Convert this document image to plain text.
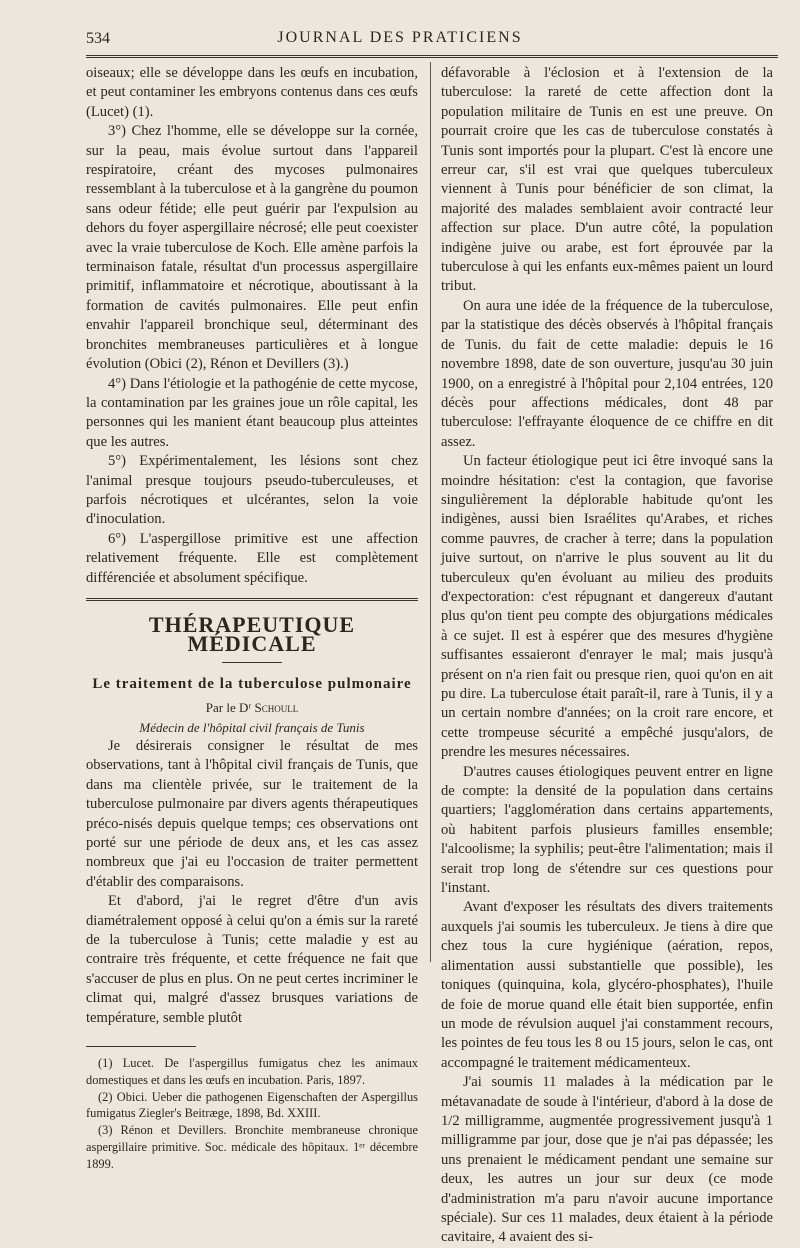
534	JOURNAL DES PRATICIENS

oiseaux; elle se développe dans les œufs en incubation, et peut contaminer les embryons contenus dans ces œufs (Lucet) (1).

3°) Chez l'homme, elle se développe sur la cornée, sur la peau, mais évolue surtout dans l'appareil respiratoire, créant des mycoses pulmonaires ressemblant à la tuberculose et à la gangrène du poumon sans odeur fétide; elle peut guérir par l'expulsion au dehors du foyer aspergillaire nécrosé; elle peut coexister avec la vraie tuberculose de Koch. Elle amène parfois la terminaison fatale, résultat d'un processus aspergillaire primitif, inflammatoire et nécrotique, aboutissant à la formation de cavités pulmonaires. Elle peut enfin envahir l'appareil bronchique seul, déterminant des bronchites membraneuses particulières et à longue évolution (Obici (2), Rénon et Devillers (3).)

4°) Dans l'étiologie et la pathogénie de cette mycose, la contamination par les graines joue un rôle capital, les personnes qui les manient étant beaucoup plus atteintes que les autres.

5°) Expérimentalement, les lésions sont chez l'animal presque toujours pseudo-tuberculeuses, et parfois nécrotiques et ulcérantes, selon la voie d'inoculation.

6°) L'aspergillose primitive est une affection relativement fréquente. Elle est complètement différenciée et absolument spécifique.

THÉRAPEUTIQUE MÉDICALE
Le traitement de la tuberculose pulmonaire

Par le Dʳ Schoull

Médecin de l'hôpital civil français de Tunis

Je désirerais consigner le résultat de mes observations, tant à l'hôpital civil français de Tunis, que dans ma clientèle privée, sur le traitement de la tuberculose pulmonaire par divers agents thérapeutiques préco-nisés depuis quelque temps; ces observations ont porté sur une période de deux ans, et les cas assez nombreux que j'ai eu l'occasion de traiter permettent d'établir des comparaisons.

Et d'abord, j'ai le regret d'être d'un avis diamétralement opposé à celui qu'on a émis sur la rareté de la tuberculose à Tunis; cette maladie y est au contraire très fréquente, et cette fréquence ne fait que s'accuser de plus en plus. On ne peut certes incriminer le climat qui, malgré d'assez brusques variations de température, semble plutôt

(1) Lucet. De l'aspergillus fumigatus chez les animaux domestiques et dans les œufs en incubation. Paris, 1897.

(2) Obici. Ueber die pathogenen Eigenschaften der Aspergillus fumigatus Ziegler's Beitræge, 1898, Bd. XXIII.

(3) Rénon et Devillers. Bronchite membraneuse chronique aspergillaire primitive. Soc. médicale des hôpitaux. 1ᵉʳ décembre 1899.

défavorable à l'éclosion et à l'extension de la tuberculose: la rareté de cette affection dont la population militaire de Tunis en est une preuve. On pourrait croire que les cas de tuberculose constatés à Tunis sont importés pour la plupart. C'est là encore une erreur car, s'il est vrai que quelques tuberculeux viennent à Tunis pour bénéficier de son climat, la majorité des malades semblaient avoir contracté leur affection sur place. D'un autre côté, la population indigène juive ou arabe, est fort éprouvée par la tuberculose à qui les enfants eux-mêmes paient un lourd tribut.

On aura une idée de la fréquence de la tuberculose, par la statistique des décès observés à l'hôpital français de Tunis. du fait de cette maladie: depuis le 16 novembre 1898, date de son ouverture, jusqu'au 30 juin 1900, on a enregistré à l'hôpital pour 2,104 entrées, 120 décès pour affections médicales, dont 48 par tuberculose: l'effrayante éloquence de ce chiffre en dit assez.

Un facteur étiologique peut ici être invoqué sans la moindre hésitation: c'est la contagion, que favorise singulièrement la déplorable habitude qu'ont les indigènes, aussi bien Israélites qu'Arabes, et riches comme pauvres, de cracher à terre; dans la population juive surtout, on n'arrive le plus souvent au lit du tuberculeux qu'en évoluant au milieu des produits d'expectoration: c'est répugnant et dangereux d'autant plus qu'on tient peu compte des objurgations médicales à ce sujet. Il est à espérer que des mesures d'hygiène suffisantes essaieront d'enrayer le mal; mais jusqu'à présent on n'a rien fait ou presque rien, quoi qu'on en ait pu dire. La tuberculose était paraît-il, rare à Tunis, il y a un certain nombre d'années; on la croit rare encore, et cette trompeuse sécurité a empêché jusqu'alors, de prendre les mesures nécessaires.

D'autres causes étiologiques peuvent entrer en ligne de compte: la densité de la population dans certains quartiers; l'agglomération dans certains appartements, où habitent parfois plusieurs familles ensemble; l'alcoolisme; la syphilis; peut-être l'alimentation; mais il serait trop long de s'étendre sur ces questions pour l'instant.

Avant d'exposer les résultats des divers traitements auxquels j'ai soumis les tuberculeux. Je tiens à dire que chez tous la cure hygiénique (aération, repos, alimentation aussi substantielle que possible), les toniques (quinquina, kola, glycéro-phosphates), l'huile de foie de morue quand elle était bien supportée, enfin un mode de révulsion auquel j'ai constamment recours, les pointes de feu tous les 8 ou 15 jours, selon le cas, ont accompagné le traitement médicamenteux.

J'ai soumis 11 malades à la médication par le métavanadate de soude à l'intérieur, d'abord à la dose de 1/2 milligramme, augmentée progressivement jusqu'à 1 milligramme par jour, dose que je n'ai pas dépassée; les uns prenaient le médicament pendant une semaine sur deux, les autres un jour sur deux (ce mode d'administration m'a paru n'avoir aucune importance spéciale). Sur ces 11 malades, deux étaient à la période cavitaire, 4 avaient des si-
